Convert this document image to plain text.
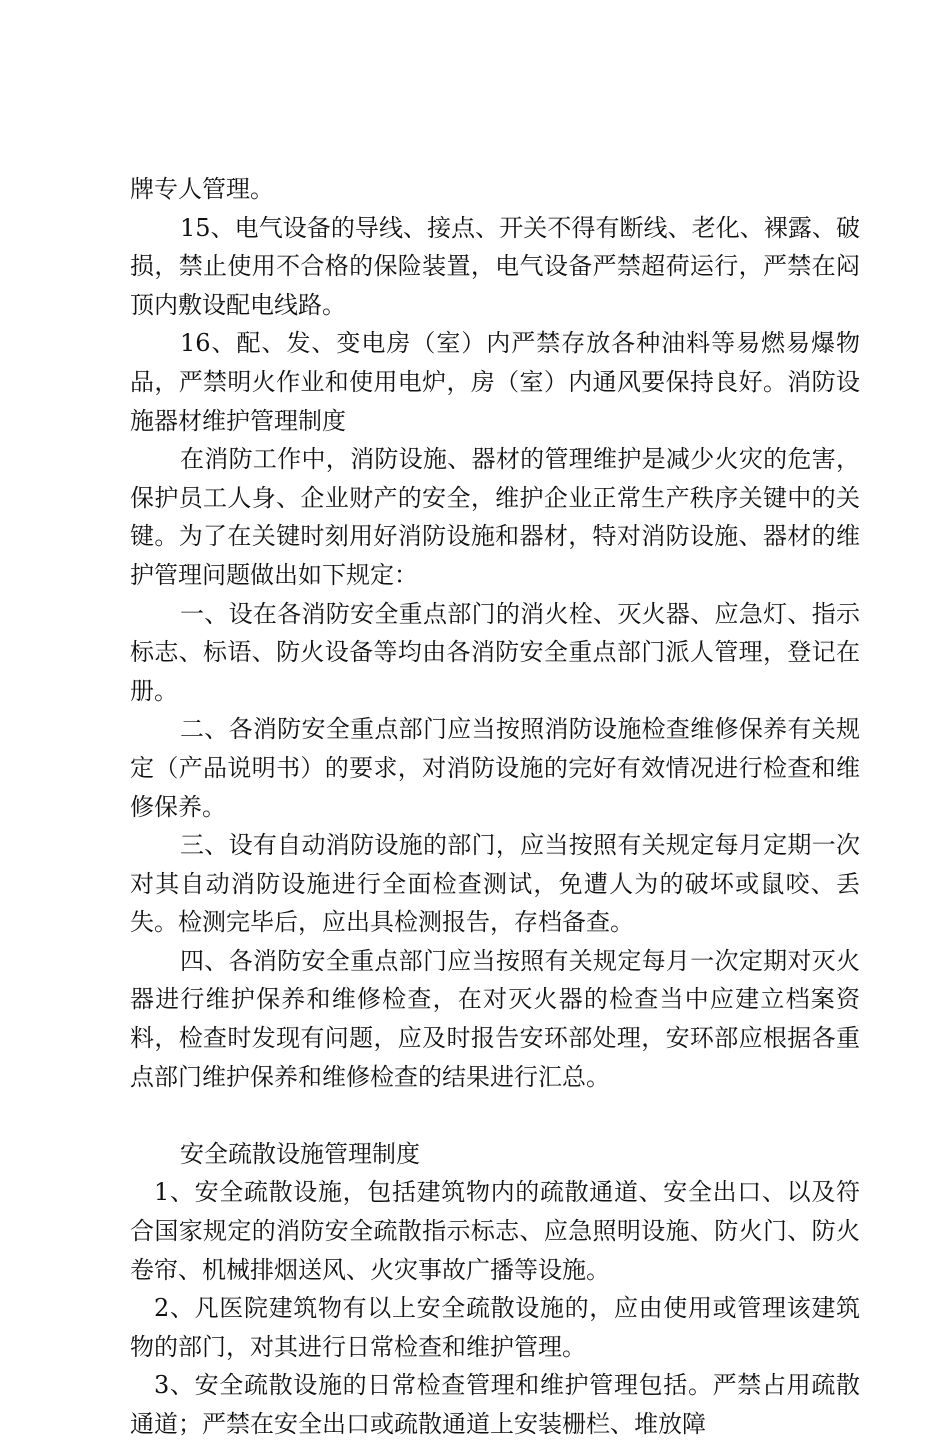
牌专人管理。

15、电气设备的导线、接点、开关不得有断线、老化、裸露、破损，禁止使用不合格的保险装置，电气设备严禁超荷运行，严禁在闷顶内敷设配电线路。

16、配、发、变电房（室）内严禁存放各种油料等易燃易爆物品，严禁明火作业和使用电炉，房（室）内通风要保持良好。消防设施器材维护管理制度

在消防工作中，消防设施、器材的管理维护是减少火灾的危害，保护员工人身、企业财产的安全，维护企业正常生产秩序关键中的关键。为了在关键时刻用好消防设施和器材，特对消防设施、器材的维护管理问题做出如下规定：

一、设在各消防安全重点部门的消火栓、灭火器、应急灯、指示标志、标语、防火设备等均由各消防安全重点部门派人管理，登记在册。

二、各消防安全重点部门应当按照消防设施检查维修保养有关规定（产品说明书）的要求，对消防设施的完好有效情况进行检查和维修保养。

三、设有自动消防设施的部门，应当按照有关规定每月定期一次对其自动消防设施进行全面检查测试，免遭人为的破坏或鼠咬、丢失。检测完毕后，应出具检测报告，存档备查。

四、各消防安全重点部门应当按照有关规定每月一次定期对灭火器进行维护保养和维修检查，在对灭火器的检查当中应建立档案资料，检查时发现有问题，应及时报告安环部处理，安环部应根据各重点部门维护保养和维修检查的结果进行汇总。

安全疏散设施管理制度

1、安全疏散设施，包括建筑物内的疏散通道、安全出口、以及符合国家规定的消防安全疏散指示标志、应急照明设施、防火门、防火卷帘、机械排烟送风、火灾事故广播等设施。

2、凡医院建筑物有以上安全疏散设施的，应由使用或管理该建筑物的部门，对其进行日常检查和维护管理。

3、安全疏散设施的日常检查管理和维护管理包括。严禁占用疏散通道；严禁在安全出口或疏散通道上安装栅栏、堆放障
